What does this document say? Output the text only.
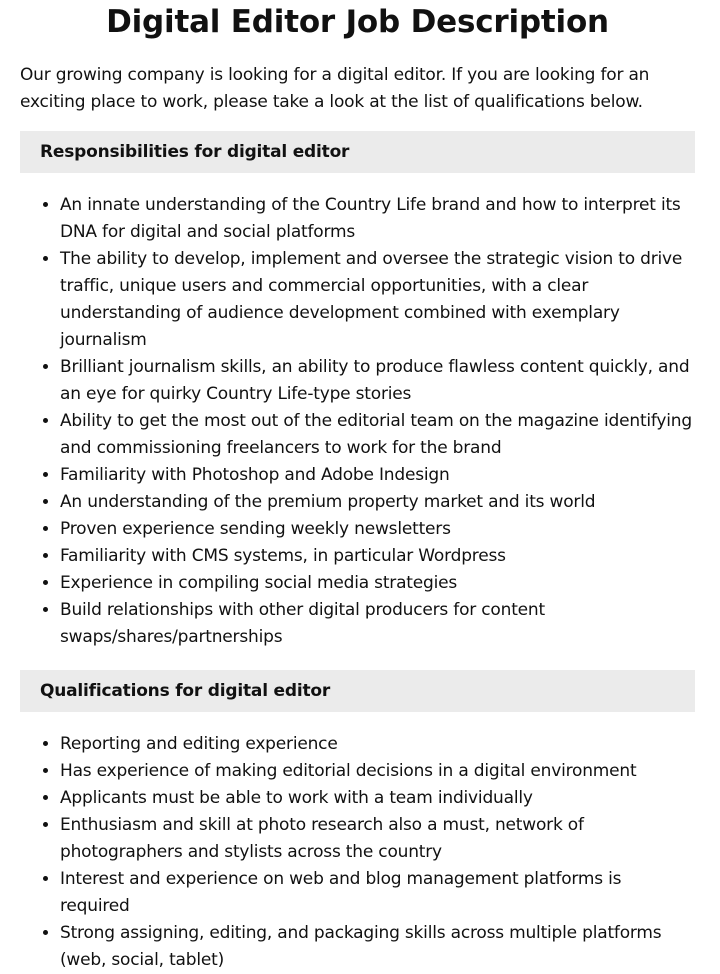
Digital Editor Job Description

Our growing company is looking for a digital editor. If you are looking for an exciting place to work, please take a look at the list of qualifications below.

Responsibilities for digital editor
• An innate understanding of the Country Life brand and how to interpret its DNA for digital and social platforms
• The ability to develop, implement and oversee the strategic vision to drive traffic, unique users and commercial opportunities, with a clear understanding of audience development combined with exemplary journalism
• Brilliant journalism skills, an ability to produce flawless content quickly, and an eye for quirky Country Life-type stories
• Ability to get the most out of the editorial team on the magazine identifying and commissioning freelancers to work for the brand
• Familiarity with Photoshop and Adobe Indesign
• An understanding of the premium property market and its world
• Proven experience sending weekly newsletters
• Familiarity with CMS systems, in particular Wordpress
• Experience in compiling social media strategies
• Build relationships with other digital producers for content swaps/shares/partnerships
Qualifications for digital editor
• Reporting and editing experience
• Has experience of making editorial decisions in a digital environment
• Applicants must be able to work with a team individually
• Enthusiasm and skill at photo research also a must, network of photographers and stylists across the country
• Interest and experience on web and blog management platforms is required
• Strong assigning, editing, and packaging skills across multiple platforms (web, social, tablet)
